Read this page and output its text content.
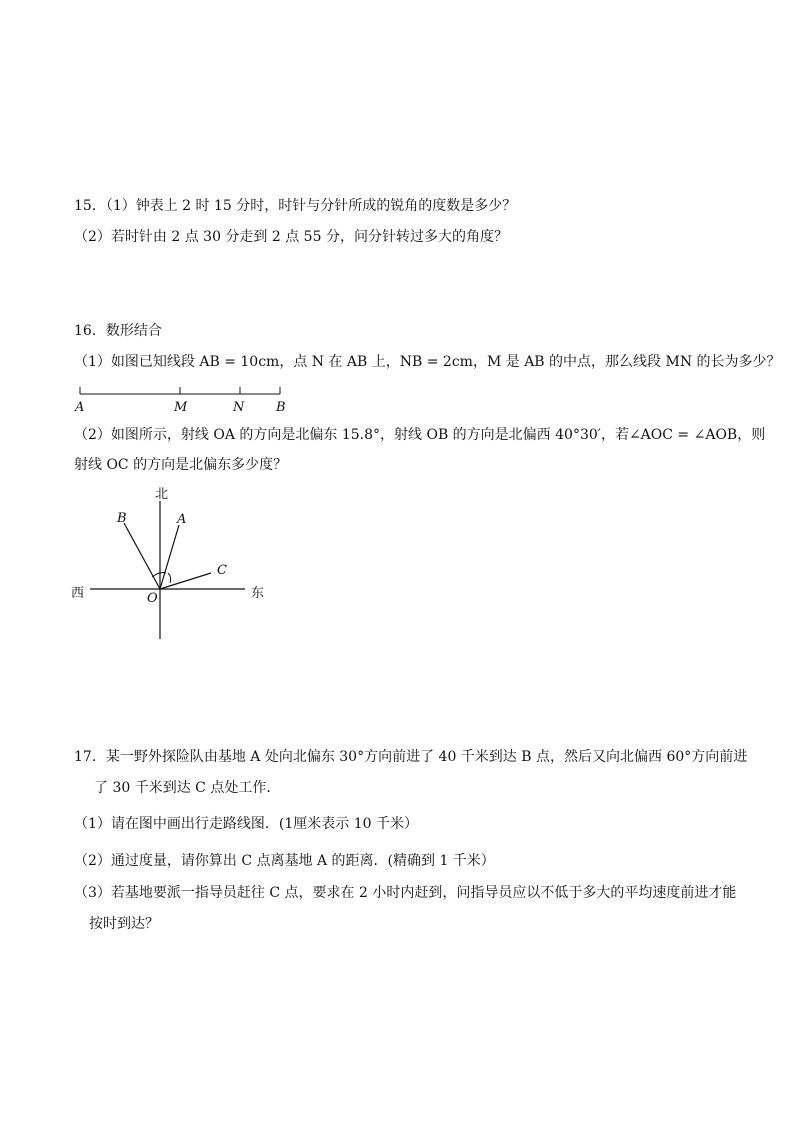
15．（1）钟表上 2 时 15 分时，时针与分针所成的锐角的度数是多少？
（2）若时针由 2 点 30 分走到 2 点 55 分，问分针转过多大的角度？
16．数形结合
（1）如图已知线段 AB = 10cm，点 N 在 AB 上，NB = 2cm，M 是 AB 的中点，那么线段 MN 的长为多少？
A	M	N B
（2）如图所示，射线 OA 的方向是北偏东 15.8°，射线 OB 的方向是北偏西 40°30′，若∠AOC = ∠AOB，则
射线 OC 的方向是北偏东多少度？
北
西	东
O
B	A
C
17．某一野外探险队由基地 A 处向北偏东 30°方向前进了 40 千米到达 B 点，然后又向北偏西 60°方向前进
了 30 千米到达 C 点处工作．
（1）请在图中画出行走路线图．(1厘米表示 10 千米）
（2）通过度量，请你算出 C 点离基地 A 的距离．(精确到 1 千米）
（3）若基地要派一指导员赶往 C 点，要求在 2 小时内赶到，问指导员应以不低于多大的平均速度前进才能
按时到达？
